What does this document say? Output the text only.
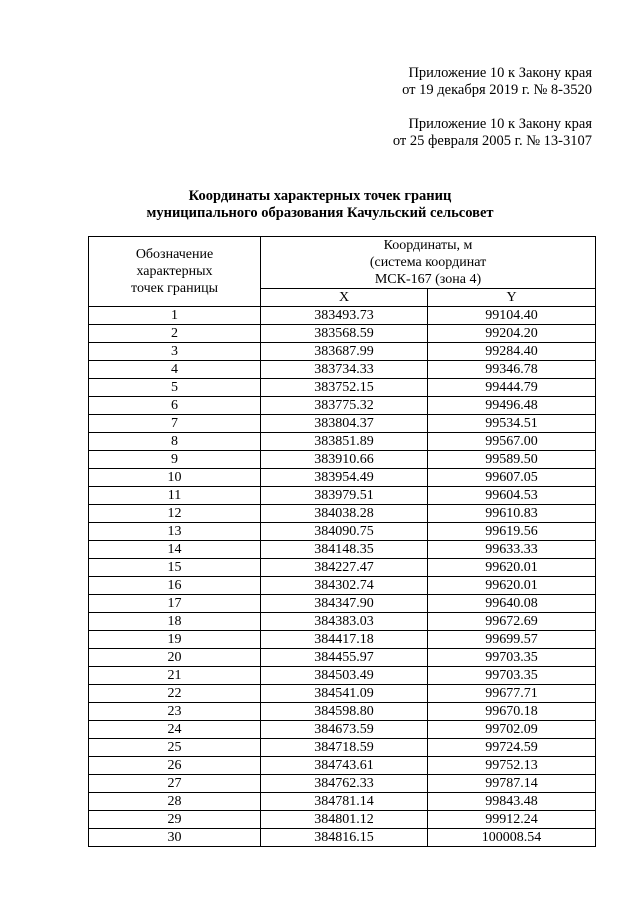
Приложение 10 к Закону края
от 19 декабря 2019 г. № 8-3520
Приложение 10 к Закону края
от 25 февраля 2005 г. № 13-3107
Координаты характерных точек границ
муниципального образования Качульский сельсовет
Обозначение
характерных
точек границы	Координаты, м
(система координат
МСК-167 (зона 4)	

	X	Y
1	383493.73	99104.40
2	383568.59	99204.20
3	383687.99	99284.40
4	383734.33	99346.78
5	383752.15	99444.79
6	383775.32	99496.48
7	383804.37	99534.51
8	383851.89	99567.00
9	383910.66	99589.50
10	383954.49	99607.05
11	383979.51	99604.53
12	384038.28	99610.83
13	384090.75	99619.56
14	384148.35	99633.33
15	384227.47	99620.01
16	384302.74	99620.01
17	384347.90	99640.08
18	384383.03	99672.69
19	384417.18	99699.57
20	384455.97	99703.35
21	384503.49	99703.35
22	384541.09	99677.71
23	384598.80	99670.18
24	384673.59	99702.09
25	384718.59	99724.59
26	384743.61	99752.13
27	384762.33	99787.14
28	384781.14	99843.48
29	384801.12	99912.24
30	384816.15	100008.54
